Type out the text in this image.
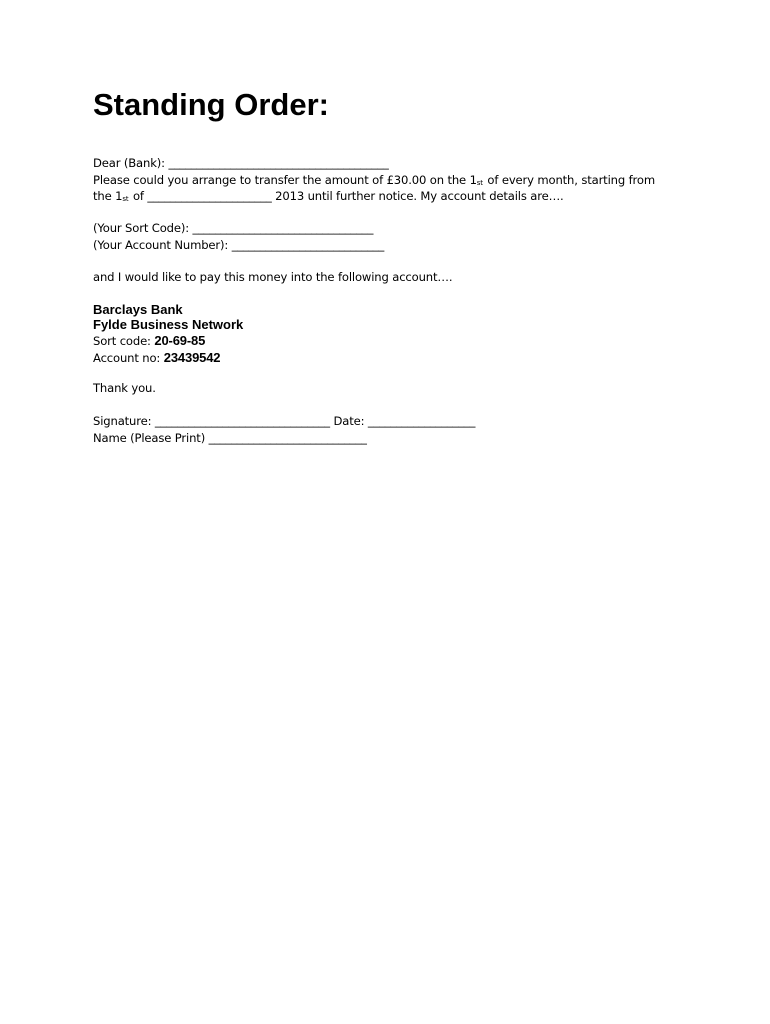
Standing Order:
Dear (Bank): _______________________________________
Please could you arrange to transfer the amount of £30.00 on the 1st of every month, starting from
the 1st of ______________________ 2013 until further notice. My account details are….
(Your Sort Code): ________________________________
(Your Account Number): ___________________________
and I would like to pay this money into the following account….
Barclays Bank
Fylde Business Network
Sort code: 20-69-85
Account no: 23439542
Thank you.
Signature: _______________________________ Date: ___________________
Name (Please Print) ____________________________
